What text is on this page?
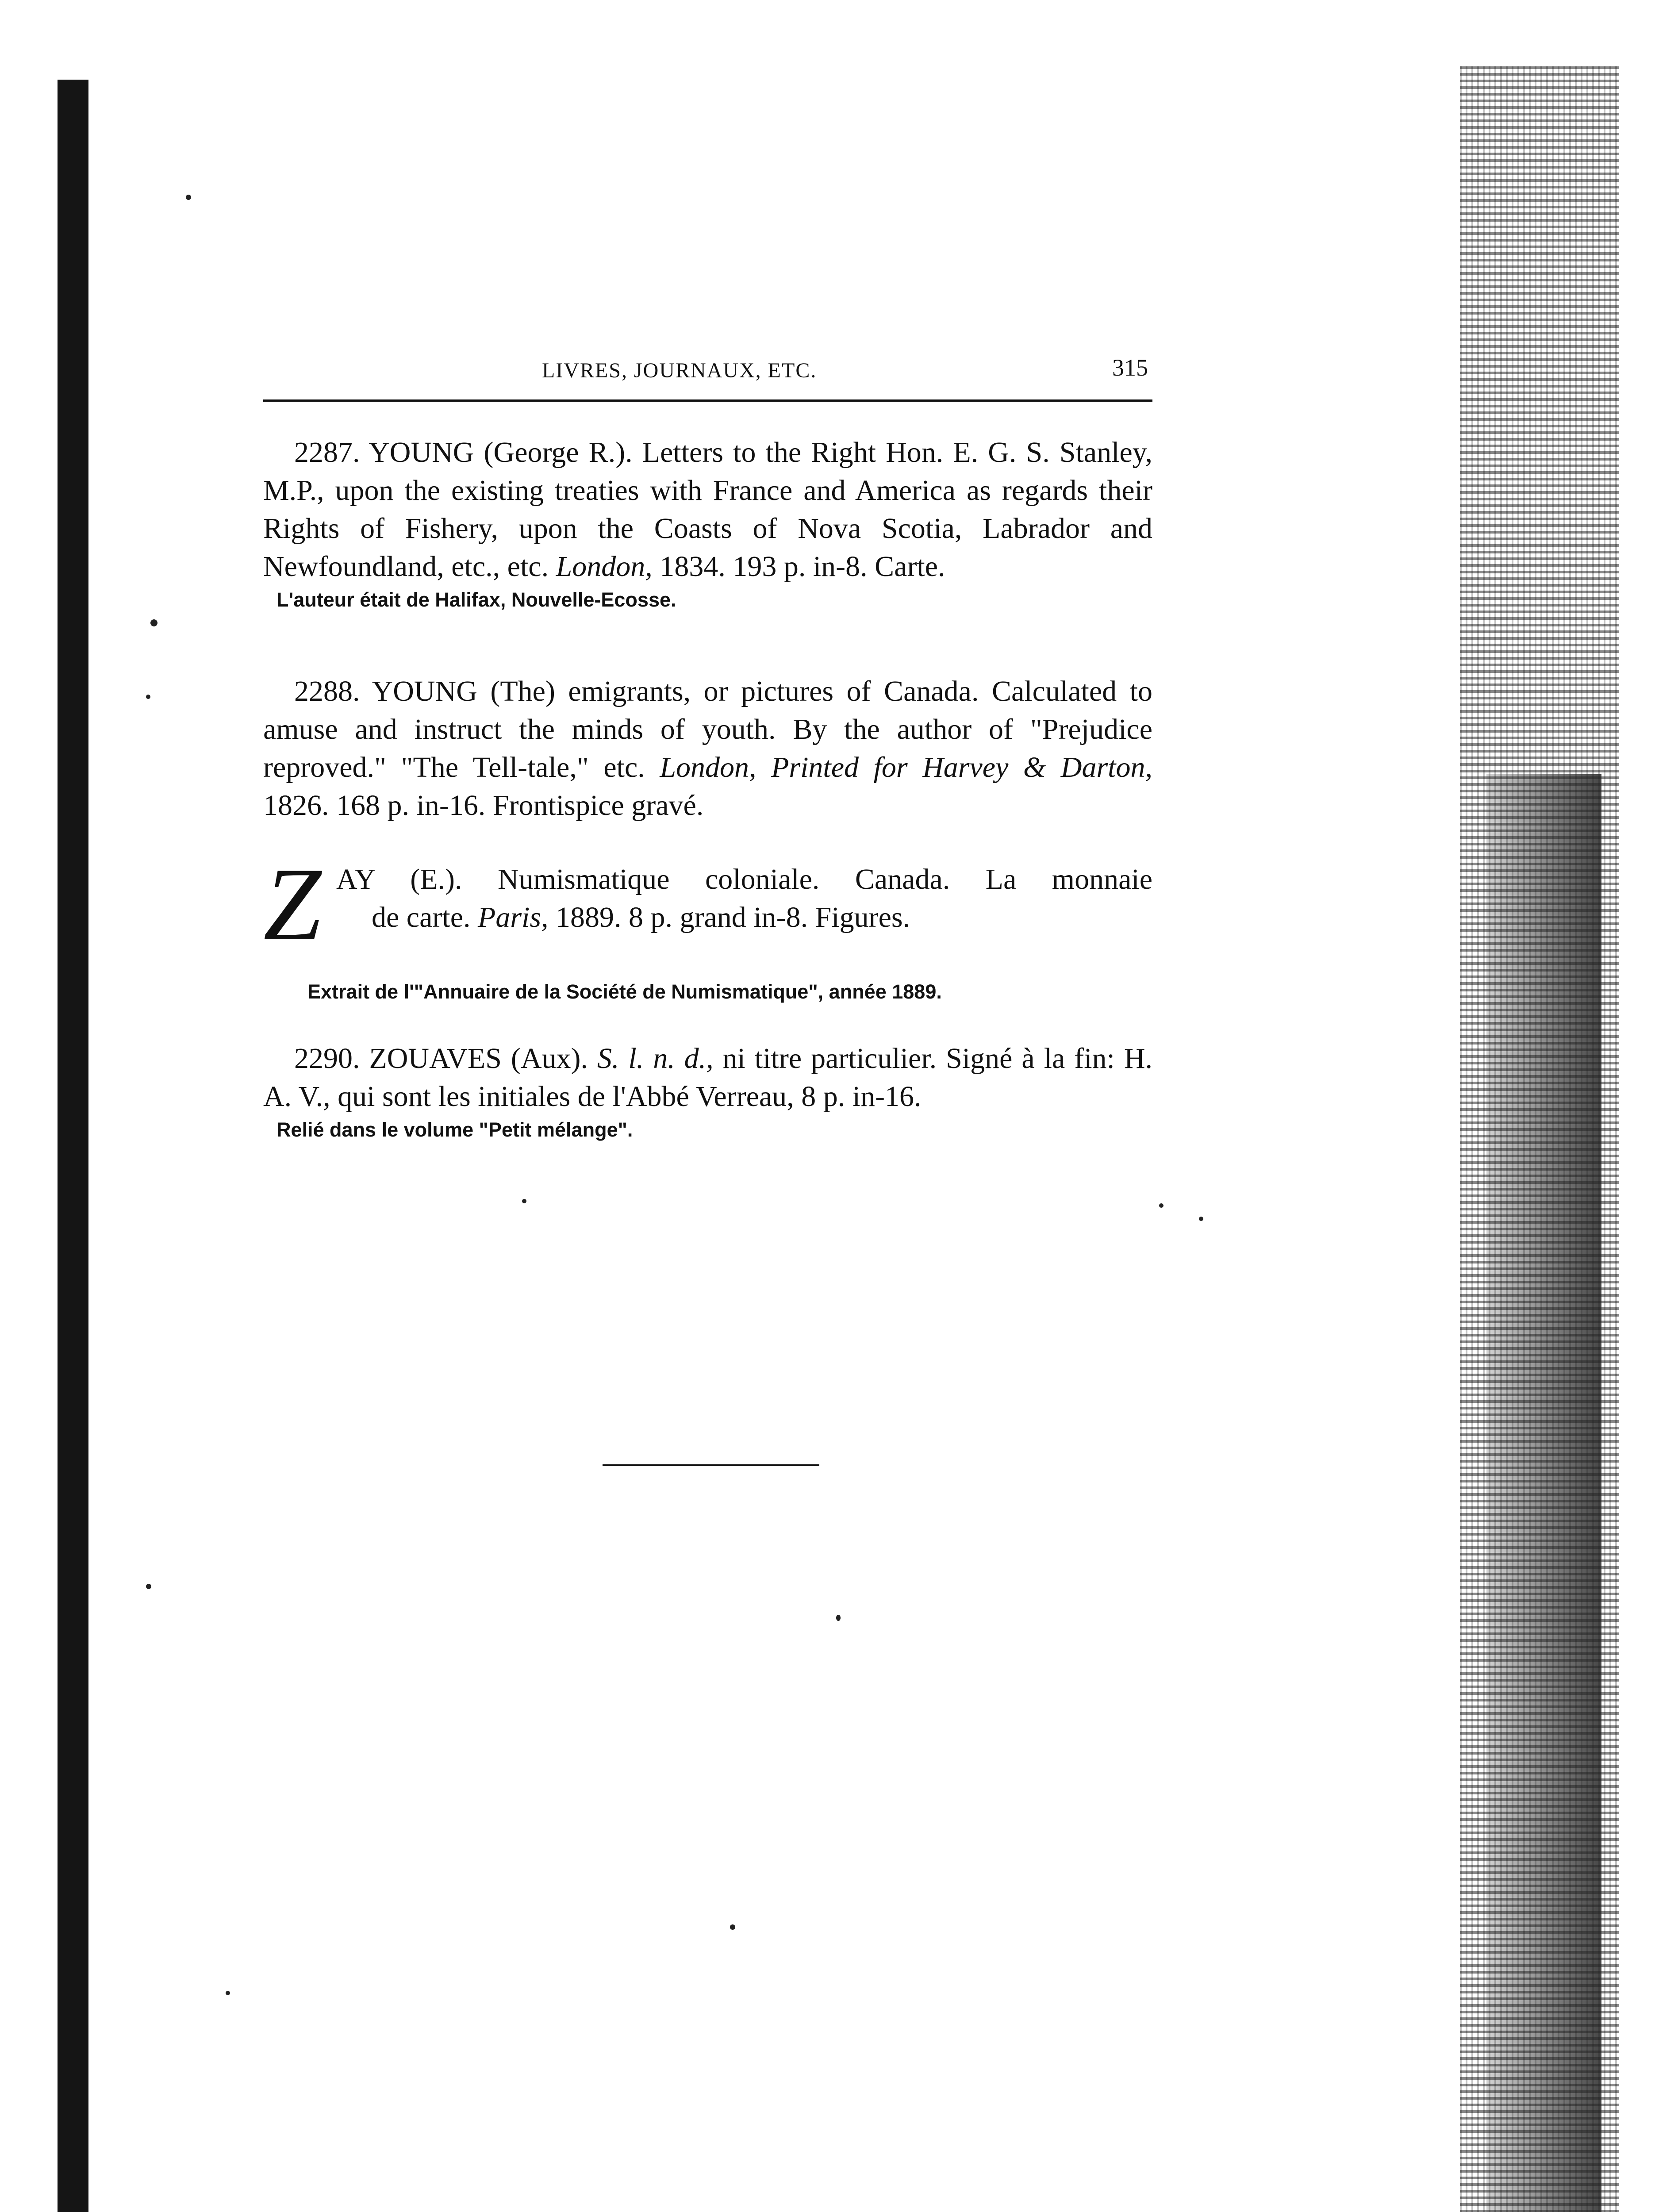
LIVRES, JOURNAUX, ETC.	315
2287. YOUNG (George R.). Letters to the Right Hon. E. G. S. Stanley, M.P., upon the existing treaties with France and America as regards their Rights of Fishery, upon the Coasts of Nova Scotia, Labrador and Newfoundland, etc., etc. London, 1834. 193 p. in-8. Carte.
L'auteur était de Halifax, Nouvelle-Ecosse.
2288. YOUNG (The) emigrants, or pictures of Canada. Calculated to amuse and instruct the minds of youth. By the author of "Prejudice reproved." "The Tell-tale," etc. London, Printed for Harvey & Darton, 1826. 168 p. in-16. Frontispice gravé.
Z AY (E.). Numismatique coloniale. Canada. La monnaie
de carte. Paris, 1889. 8 p. grand in-8. Figures.
Extrait de l'"Annuaire de la Société de Numismatique", année 1889.
2290. ZOUAVES (Aux). S. l. n. d., ni titre particulier. Signé à la fin: H. A. V., qui sont les initiales de l'Abbé Verreau, 8 p. in-16.
Relié dans le volume "Petit mélange".
